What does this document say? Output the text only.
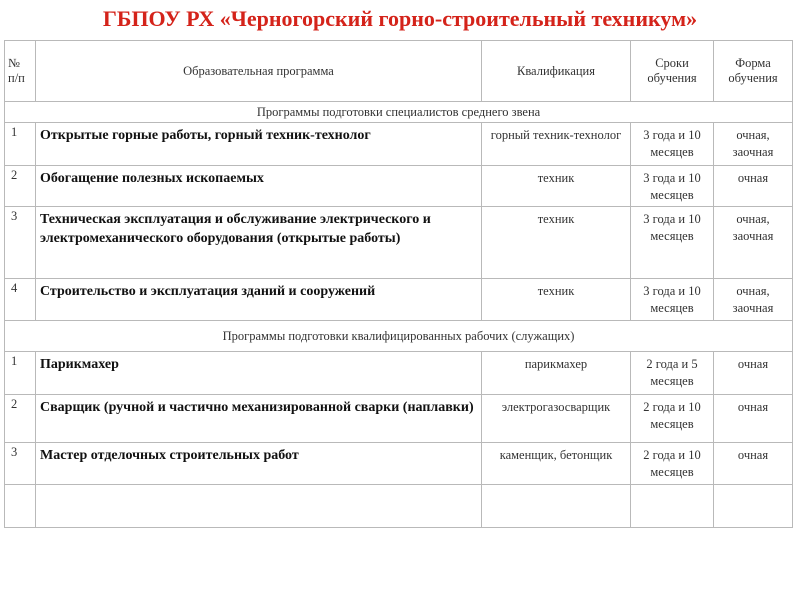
ГБПОУ РХ «Черногорский горно-строительный техникум»
№ п/п	Образовательная программа	Квалификация	Сроки обучения	Форма обучения
Программы подготовки специалистов среднего звена				
1	Открытые горные работы, горный техник-технолог	горный техник-технолог	3 года и 10 месяцев	очная, заочная
2	Обогащение полезных ископаемых	техник	3 года и 10 месяцев	очная
3	Техническая эксплуатация и обслуживание электрического и электромеханического оборудования (открытые работы)	техник	3 года и 10 месяцев	очная, заочная
4	Строительство и эксплуатация зданий и сооружений	техник	3 года и 10 месяцев	очная, заочная
Программы подготовки квалифицированных рабочих (служащих)				
1	Парикмахер	парикмахер	2 года и 5 месяцев	очная
2	Сварщик (ручной и частично механизированной сварки (наплавки)	электрогазосварщик	2 года и 10 месяцев	очная
3	Мастер отделочных строительных работ	каменщик, бетонщик	2 года и 10 месяцев	очная
